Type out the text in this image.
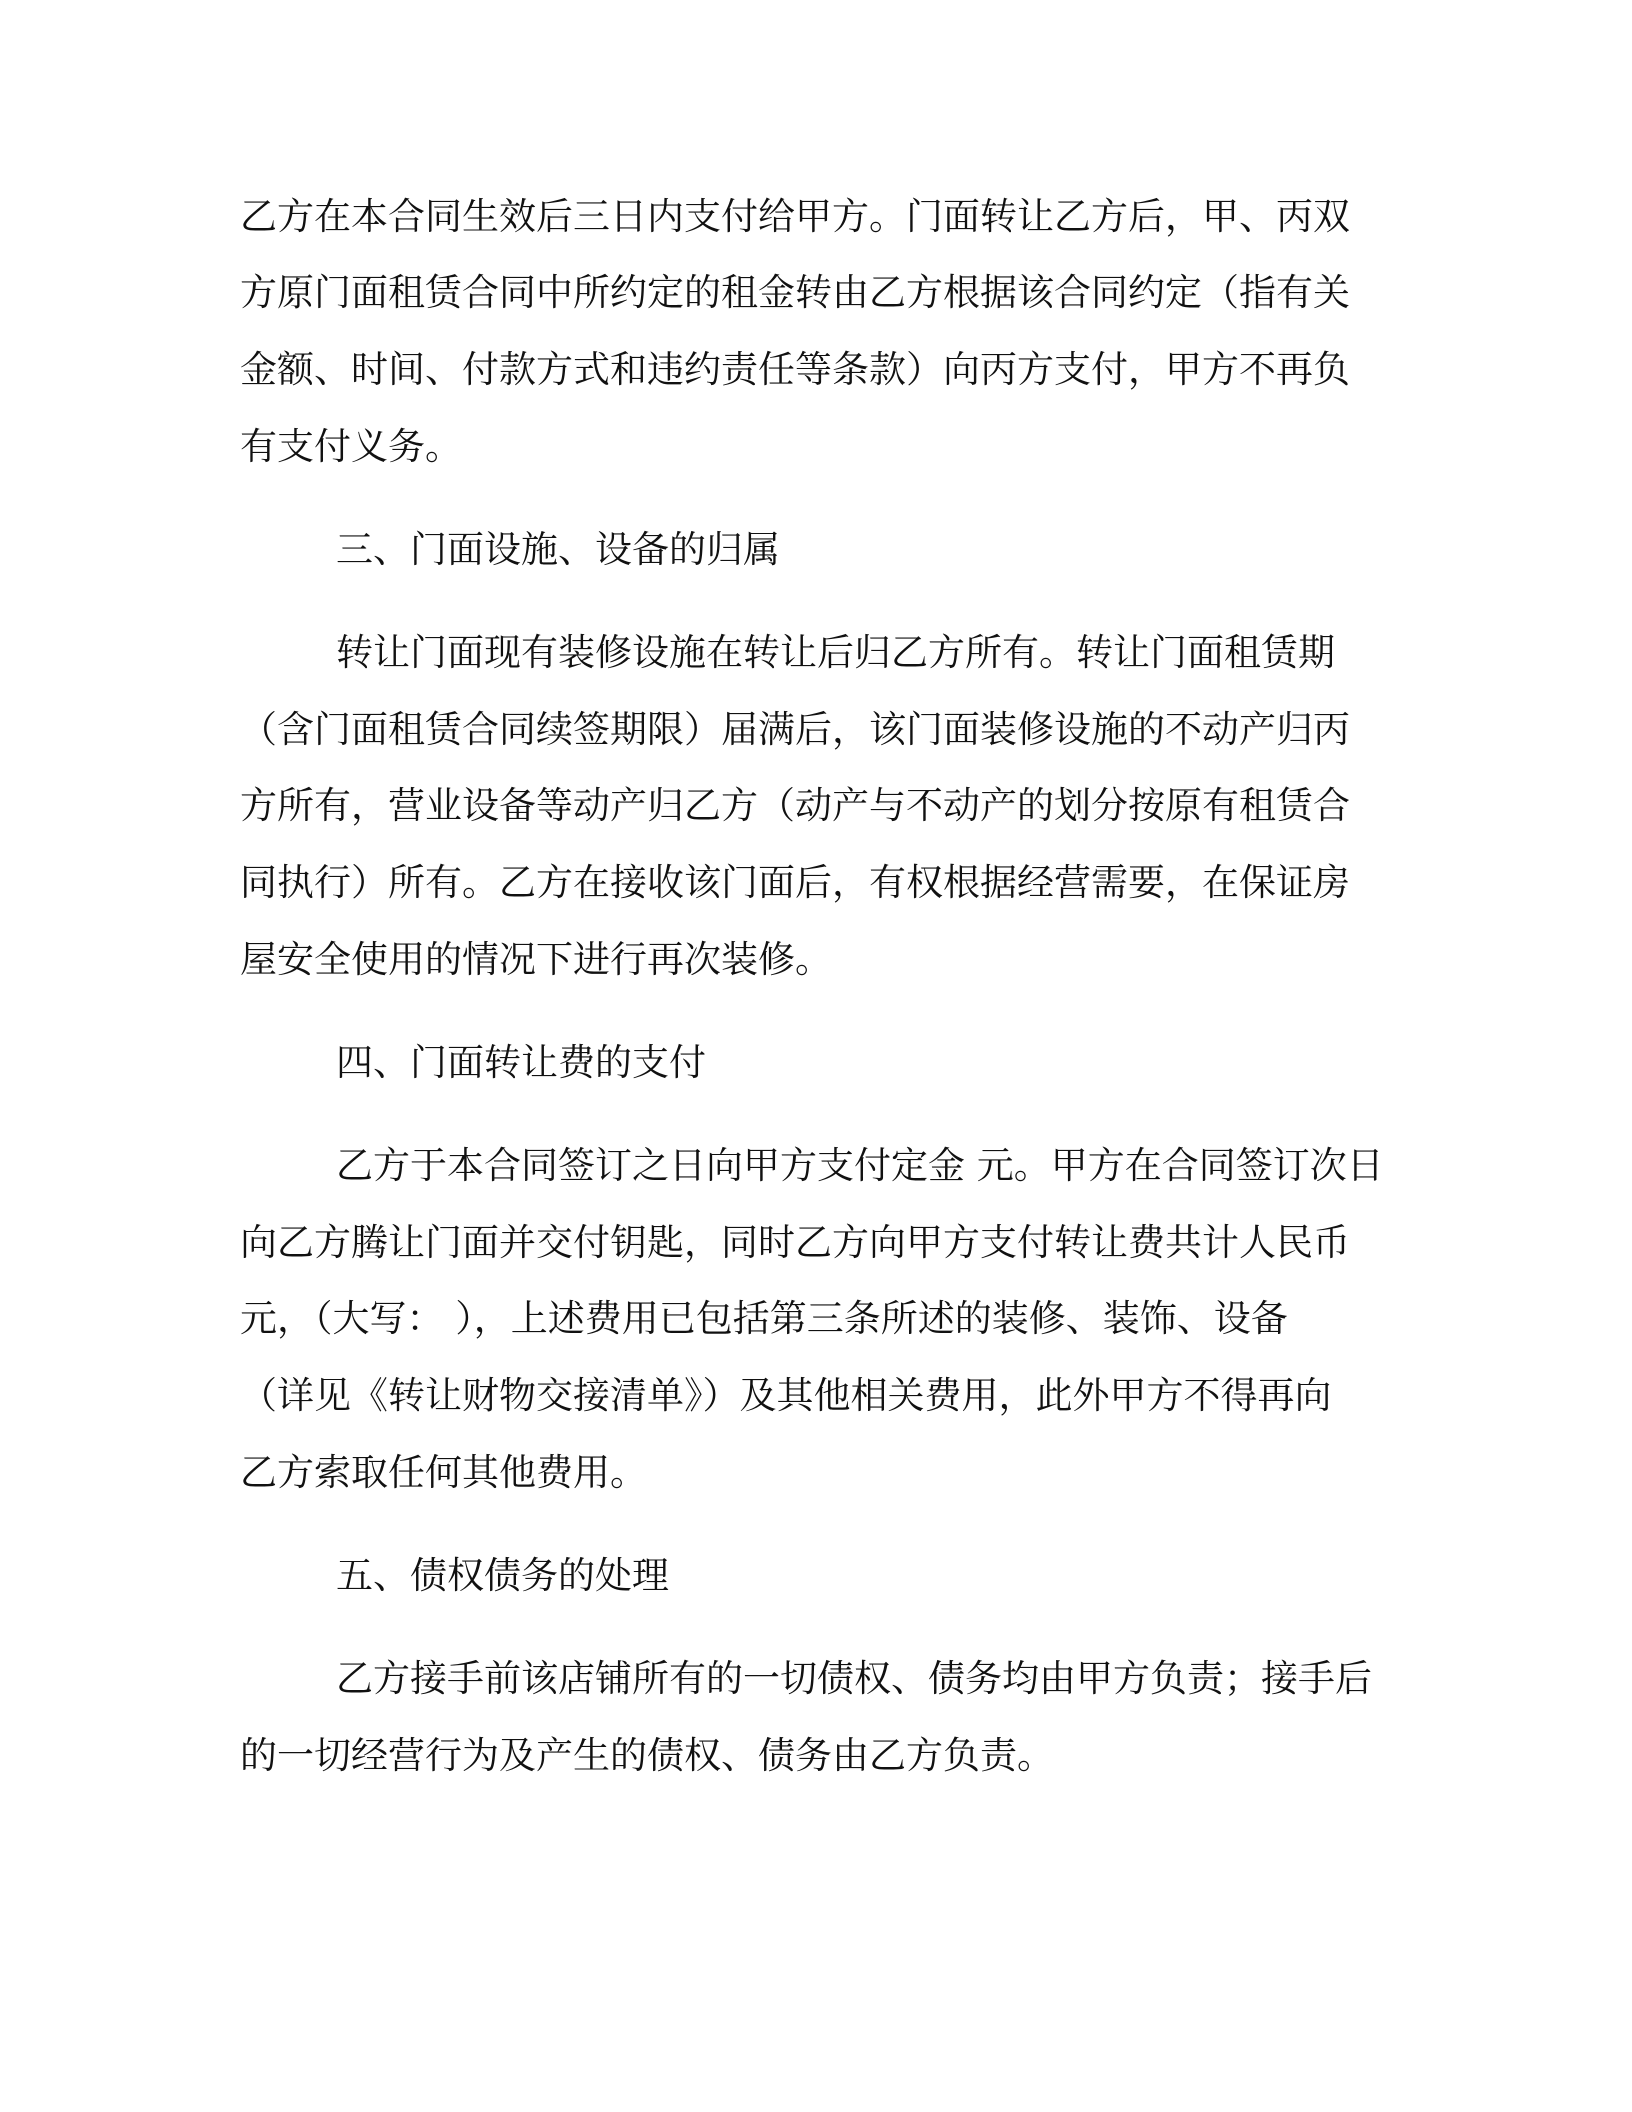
乙方在本合同生效后三日内支付给甲方。门面转让乙方后，甲、丙双
方原门面租赁合同中所约定的租金转由乙方根据该合同约定（指有关
金额、时间、付款方式和违约责任等条款）向丙方支付，甲方不再负
有支付义务。
三、门面设施、设备的归属
转让门面现有装修设施在转让后归乙方所有。转让门面租赁期
（含门面租赁合同续签期限）届满后，该门面装修设施的不动产归丙
方所有，营业设备等动产归乙方（动产与不动产的划分按原有租赁合
同执行）所有。乙方在接收该门面后，有权根据经营需要，在保证房
屋安全使用的情况下进行再次装修。
四、门面转让费的支付
乙方于本合同签订之日向甲方支付定金 元。甲方在合同签订次日
向乙方腾让门面并交付钥匙，同时乙方向甲方支付转让费共计人民币
元，（大写： ），上述费用已包括第三条所述的装修、装饰、设备
（详见《转让财物交接清单》）及其他相关费用，此外甲方不得再向
乙方索取任何其他费用。
五、债权债务的处理
乙方接手前该店铺所有的一切债权、债务均由甲方负责；接手后
的一切经营行为及产生的债权、债务由乙方负责。
